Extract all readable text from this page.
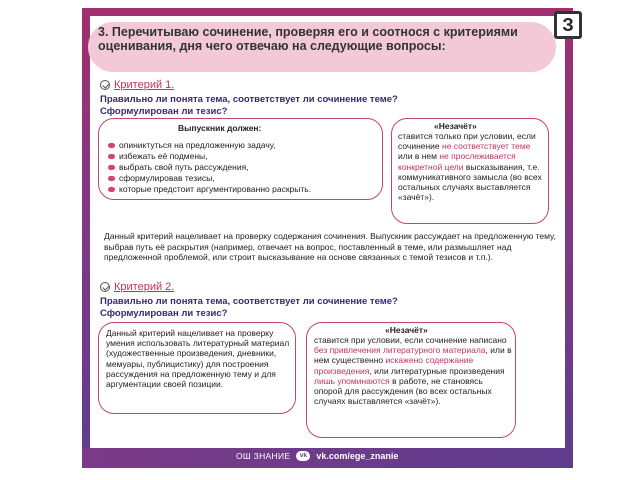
З
3. Перечитываю сочинение, проверяя его и соотнося с критериями оценивания, дня чего отвечаю на следующие вопросы:
Критерий 1.
Правильно ли понята тема, соответствует ли сочинение теме? Сформулирован ли тезис?
Выпускник должен:
опиниктуться на предложенную задачу,
избежать её подмены,
выбрать свой путь рассуждения,
сформулировав тезисы,
которые предстоит аргументированно раскрыть.
«Незачёт»
ставится только при условии, если сочинение не соответствует теме или в нем не прослеживается конкретной цели высказывания, т.е. коммуникативного замысла (во всех остальных случаях выставляется «зачёт»).
Данный критерий нацеливает на проверку содержания сочинения. Выпускник рассуждает на предложенную тему, выбрав путь её раскрытия (например, отвечает на вопрос, поставленный в теме, или размышляет над предложенной проблемой, или строит высказывание на основе связанных с темой тезисов и т.п.).
Критерий 2.
Правильно ли понята тема, соответствует ли сочинение теме? Сформулирован ли тезис?
Данный критерий нацеливает на проверку умения использовать литературный материал (художественные произведения, дневники, мемуары, публицистику) для построения рассуждения на предложенную тему и для аргументации своей позиции.
«Незачёт»
ставится при условии, если сочинение написано без привлечения литературного материала, или в нем существенно искажено содержание произведения, или литературные произведения лишь упоминаются в работе, не становясь опорой для рассуждения (во всех остальных случаях выставляется «зачёт»).
ОШ ЗНАНИЕ	vk	vk.com/ege_znanie
